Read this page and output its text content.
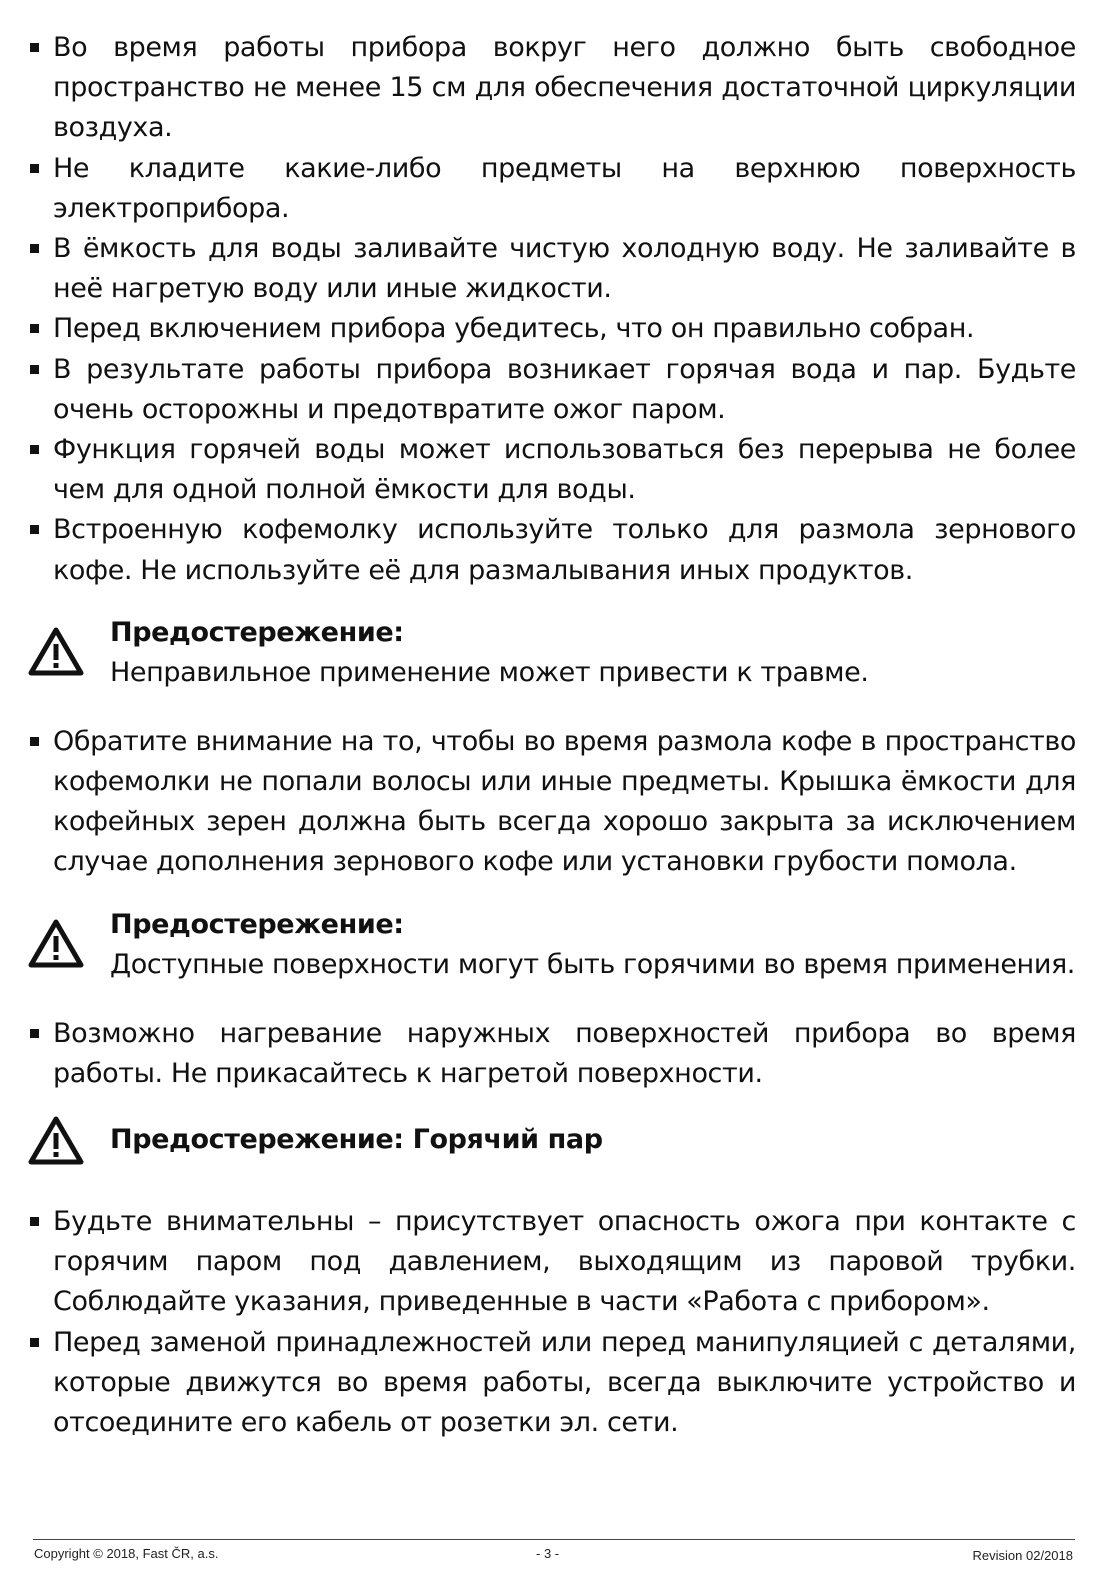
Во время работы прибора вокруг него должно быть свободное пространство не менее 15 см для обеспечения достаточной циркуляции воздуха.
Не кладите какие-либо предметы на верхнюю поверхность электроприбора.
В ёмкость для воды заливайте чистую холодную воду. Не заливайте в неё нагретую воду или иные жидкости.
Перед включением прибора убедитесь, что он правильно собран.
В результате работы прибора возникает горячая вода и пар. Будьте очень осторожны и предотвратите ожог паром.
Функция горячей воды может использоваться без перерыва не более чем для одной полной ёмкости для воды.
Встроенную кофемолку используйте только для размола зернового кофе. Не используйте её для размалывания иных продуктов.
Предостережение:
Неправильное применение может привести к травме.
Обратите внимание на то, чтобы во время размола кофе в пространство кофемолки не попали волосы или иные предметы. Крышка ёмкости для кофейных зерен должна быть всегда хорошо закрыта за исключением случае дополнения зернового кофе или установки грубости помола.
Предостережение:
Доступные поверхности могут быть горячими во время применения.
Возможно нагревание наружных поверхностей прибора во время работы. Не прикасайтесь к нагретой поверхности.
Предостережение: Горячий пар
Будьте внимательны – присутствует опасность ожога при контакте с горячим паром под давлением, выходящим из паровой трубки. Соблюдайте указания, приведенные в части «Работа с прибором».
Перед заменой принадлежностей или перед манипуляцией с деталями, которые движутся во время работы, всегда выключите устройство и отсоедините его кабель от розетки эл. сети.
Copyright © 2018, Fast ČR, a.s.	- 3 -	Revision 02/2018
